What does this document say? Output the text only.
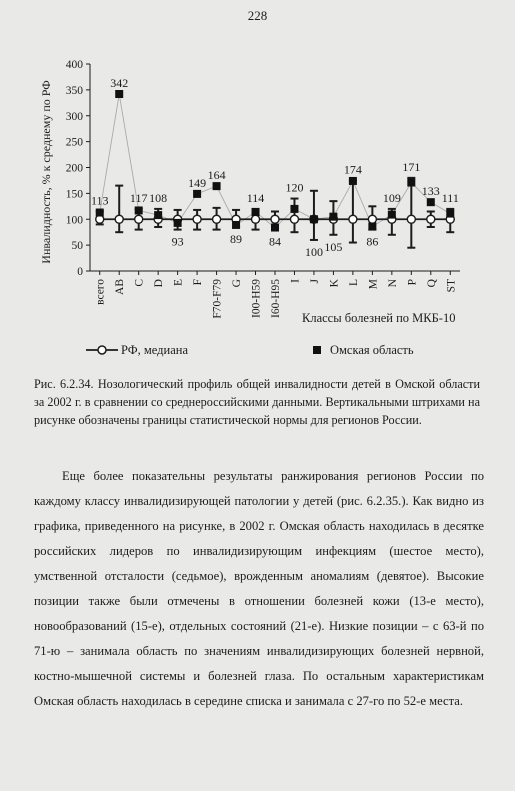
228
Инвалидность, % к среднему по РФ
Классы болезней по МКБ-10
0
50
100
150
200
250
300
350
400
всего AB C D E F F70-F79 G I00-H59 I60-H95 I J K L M N P Q ST
113
342
117 108
93
149
164
89
114
84
120
100 105
174
86
109
171
133 111
РФ, медиана	Омская область
Рис. 6.2.34. Нозологический профиль общей инвалидности детей в Омской области за 2002 г. в сравнении со среднероссийскими данными. Вертикальными штрихами на рисунке обозначены границы статистической нормы для регионов России.

Еще более показательны результаты ранжирования регионов России по каждому классу инвалидизирующей патологии у детей (рис. 6.2.35.). Как видно из графика, приведенного на рисунке, в 2002 г. Омская область находилась в десятке российских лидеров по инвалидизирующим инфекциям (шестое место), умственной отсталости (седьмое), врожденным аномалиям (девятое). Высокие позиции также были отмечены в отношении болезней кожи (13-е место), новообразований (15-е), отдельных состояний (21-е). Низкие позиции – с 63-й по 71-ю – занимала область по значениям инвалидизирующих болезней нервной, костно-мышечной системы и болезней глаза. По остальным характеристикам Омская область находилась в середине списка и занимала с 27-го по 52-е места.
